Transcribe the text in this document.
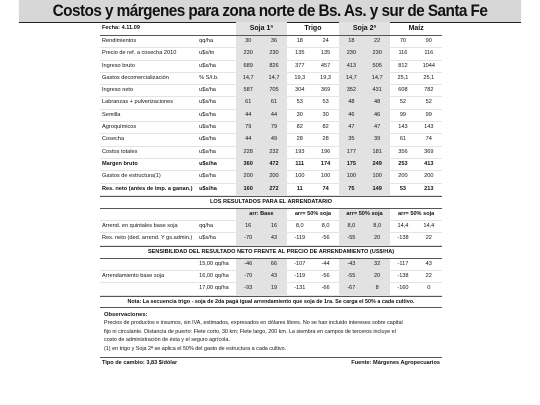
Costos y márgenes para zona norte de Bs. As. y sur de Santa Fe
Fecha: 4.11.09		Soja 1ª		Trigo		Soja 2ª		Maíz	
Rendimientos	qq/ha	30	36	18	24	18	22	70	90
Precio de ref. a cosecha 2010	u$s/tn	230	230	135	135	230	230	116	116
Ingreso bruto	u$s/ha	689	826	377	457	413	505	812	1044
Gastos decomercialización	% S/I.b.	14,7	14,7	19,3	19,3	14,7	14,7	25,1	25,1
Ingreso neto	u$s/ha	587	705	304	369	352	431	608	782
Labranzas + pulverizaciones	u$s/ha	61	61	53	53	48	48	52	52
Semilla	u$s/ha	44	44	30	30	46	46	99	99
Agroquímicos	u$s/ha	79	79	82	82	47	47	143	143
Cosecha	u$s/ha	44	49	28	28	35	39	61	74
Costos totales	u$s/ha	228	232	193	196	177	181	356	369
Margen bruto	u$s/ha	360	472	111	174	175	249	253	413
Gastos de estructura(1)	u$s/ha	200	200	100	100	100	100	200	200
Res. neto (antes de imp. a ganan.)	u$s/ha	160	272	11	74	75	149	53	213
LOS RESULTADOS PARA EL ARRENDATARIO
		arr: Base		arr= 50% soja		arr= 50% soja		arr= 50% soja	
Arrend. en quintales base soja	qq/ha	16	16	8,0	8,0	8,0	8,0	14,4	14,4
Res. neto (ded. arrend. Y gs.admin.)	u$s/ha	-70	43	-119	-56	-55	20	-138	22
SENSIBILIDAD DEL RESULTADO NETO FRENTE AL PRECIO DE ARRENDAMIENTO (US$/HA)
	15,00 qq/ha	-46	66	-107	-44	-43	32	-117	43
Arrendamiento base soja	16,00 qq/ha	-70	43	-119	-56	-55	20	-138	22
	17,00 qq/ha	-93	19	-131	-66	-67	8	-160	0
Nota: La secuencia trigo - soja de 2da pagá igual arrendamiento que soja de 1ra. Se carga el 50% a cada cultivo.
Observaciones:
Precios de productos e insumos, sin IVA, estimados, expresados en dólares libres. No se han incluido intereses sobre capital
fijo ni circulante. Distancia de puerto: Flete corto, 30 km; Flete largo, 200 km. La siembra en campos de terceros incluye el
costo de administración de ésta y el seguro agrícola.
(1) en trigo y Soja 2ª se aplica el 50% del gasto de estructura a cada cultivo.
Tipo de cambio: 3,83 $/dólar	Fuente: Márgenes Agropecuarios
